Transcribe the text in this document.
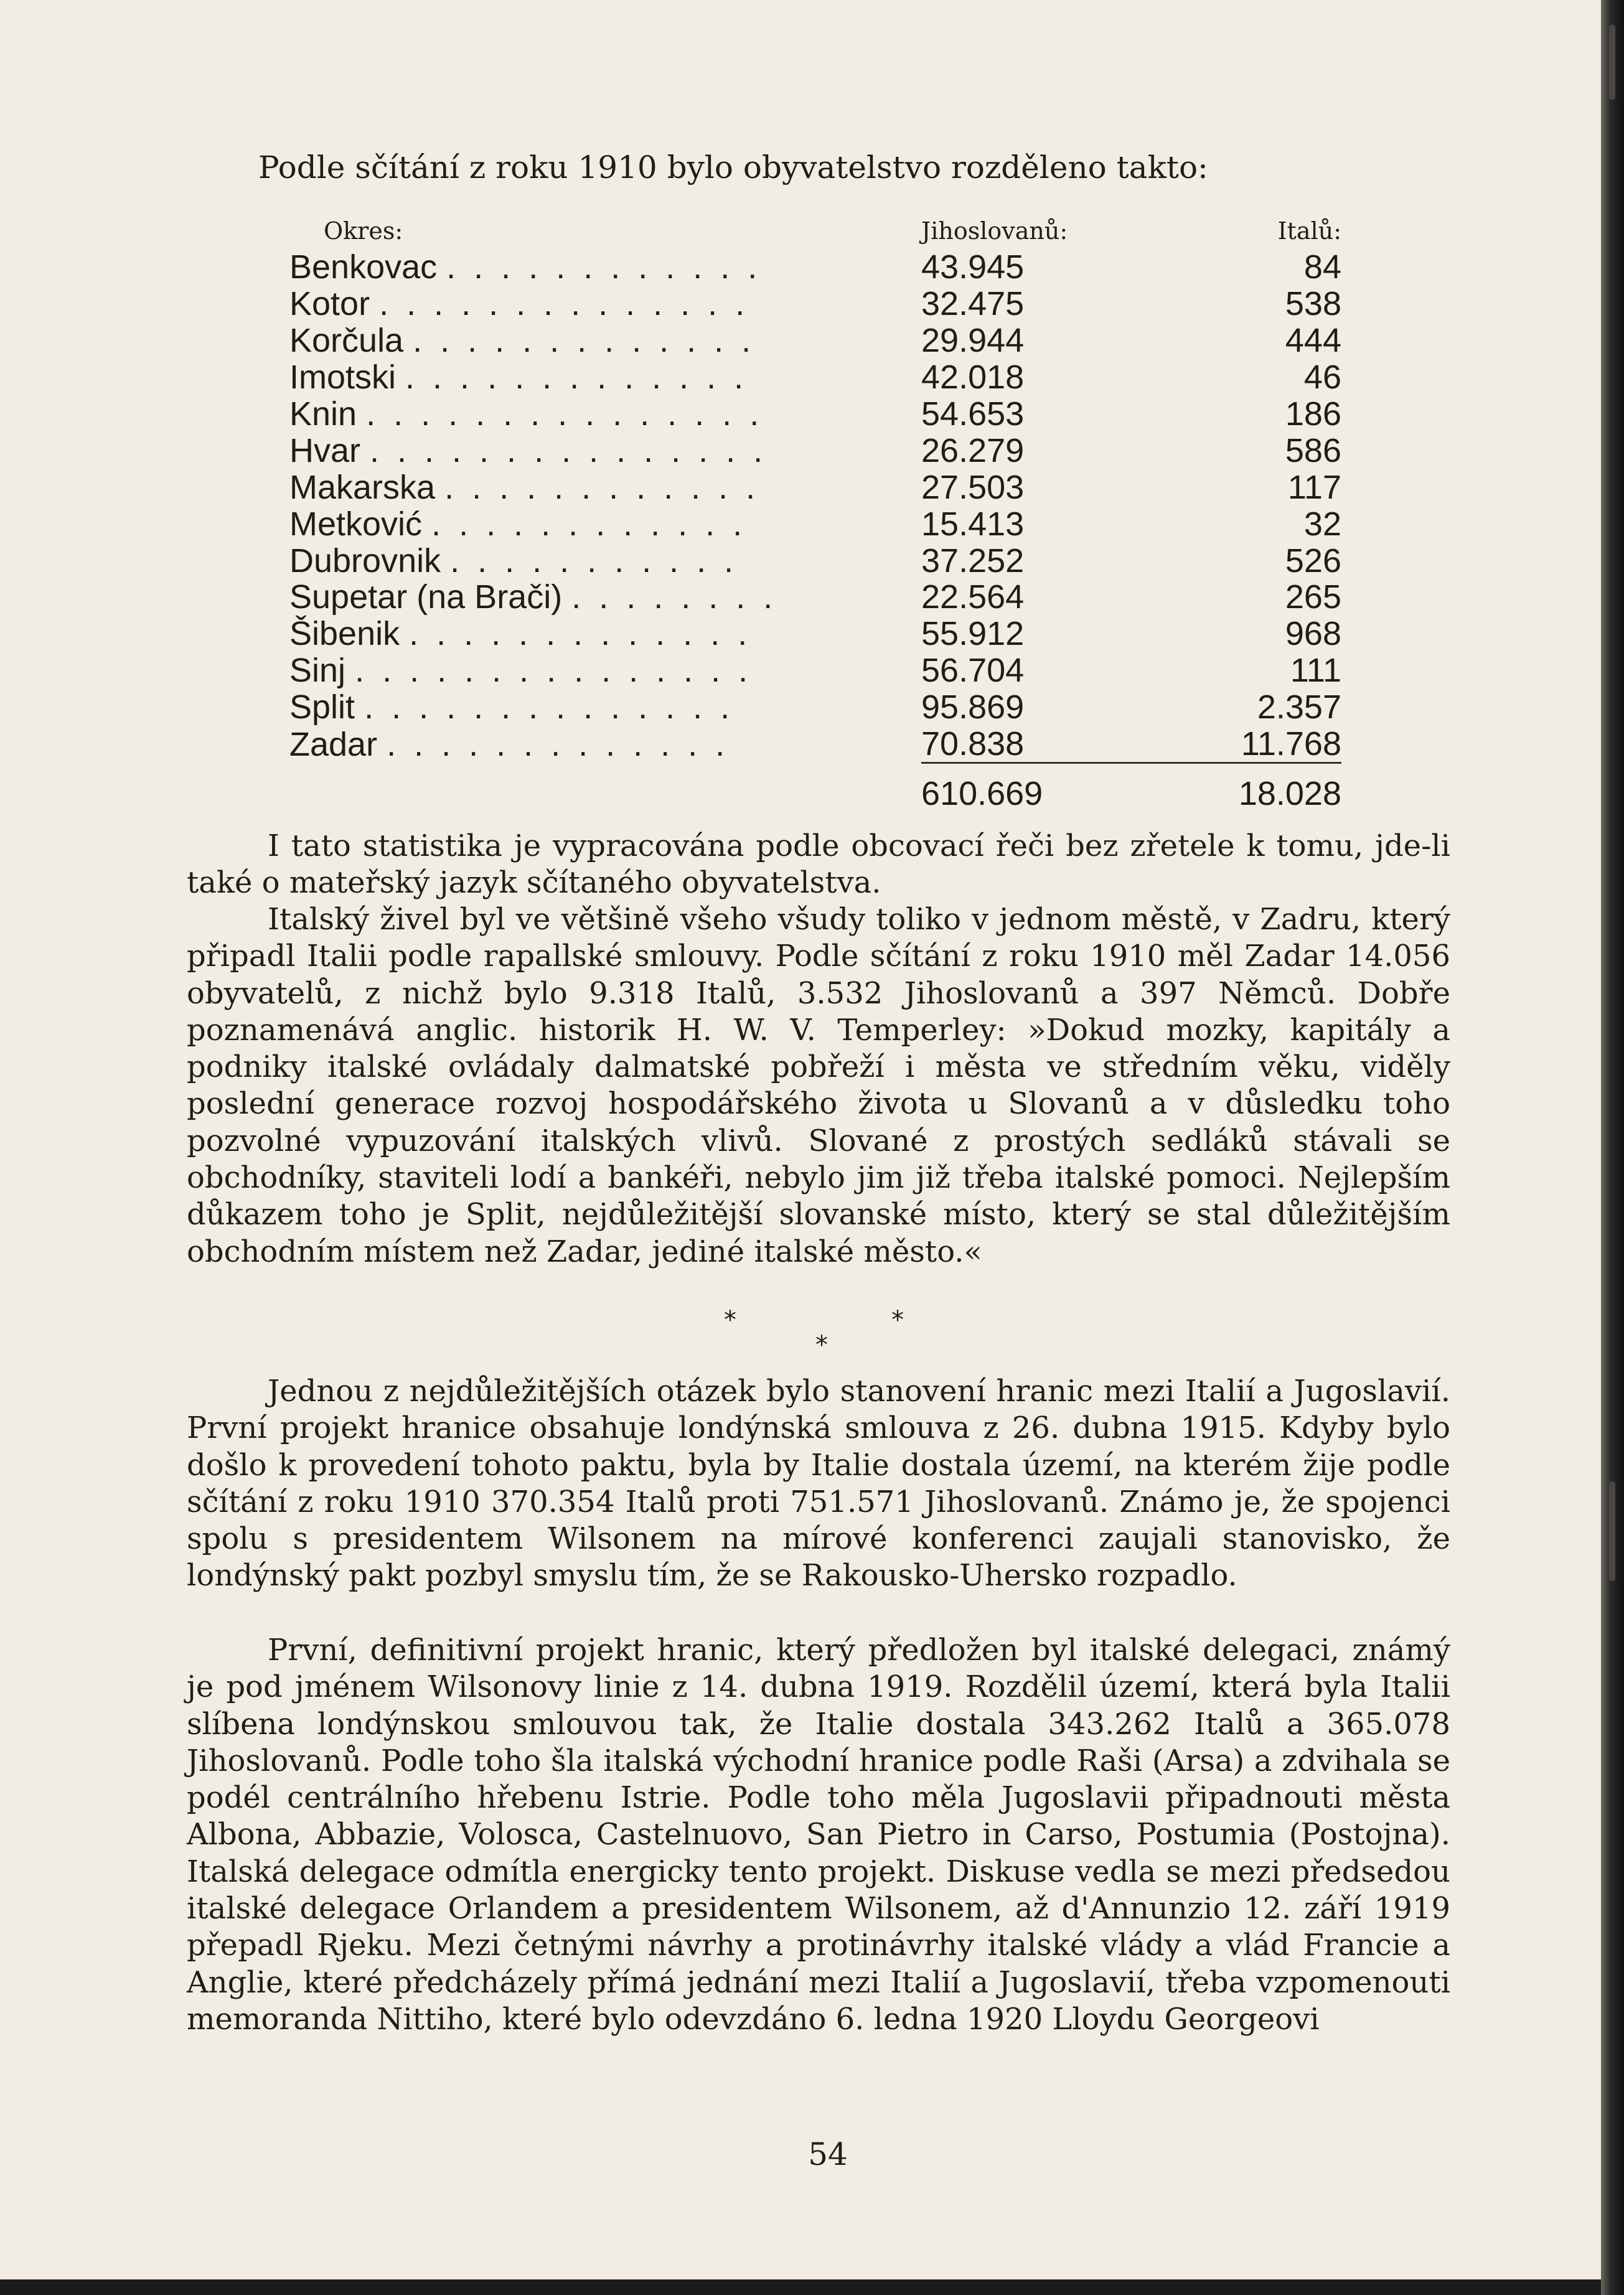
Podle sčítání z roku 1910 bylo obyvatelstvo rozděleno takto:

Okres:	Jihoslovanů:	Italů:
Benkovac . . . . . . . . . . . .	43.945	84
Kotor . . . . . . . . . . . . . .	32.475	538
Korčula . . . . . . . . . . . . .	29.944	444
Imotski . . . . . . . . . . . . .	42.018	46
Knin . . . . . . . . . . . . . . .	54.653	186
Hvar . . . . . . . . . . . . . . .	26.279	586
Makarska . . . . . . . . . . . .	27.503	117
Metković . . . . . . . . . . . .	15.413	32
Dubrovnik . . . . . . . . . . .	37.252	526
Supetar (na Brači) . . . . . . . .	22.564	265
Šibenik . . . . . . . . . . . . .	55.912	968
Sinj . . . . . . . . . . . . . . .	56.704	111
Split . . . . . . . . . . . . . .	95.869	2.357
Zadar . . . . . . . . . . . . .	70.838	11.768
	610.669	18.028

I tato statistika je vypracována podle obcovací řeči bez zřetele k tomu, jde-li také o mateřský jazyk sčítaného obyvatelstva.

Italský živel byl ve většině všeho všudy toliko v jednom městě, v Zadru, který připadl Italii podle rapallské smlouvy. Podle sčítání z roku 1910 měl Zadar 14.056 obyvatelů, z nichž bylo 9.318 Italů, 3.532 Jihoslovanů a 397 Němců. Dobře poznamenává anglic. historik H. W. V. Temperley: »Dokud mozky, kapitály a podniky italské ovládaly dalmatské pobřeží i města ve středním věku, viděly poslední generace rozvoj hospodářského života u Slovanů a v důsledku toho pozvolné vypuzování italských vlivů. Slované z prostých sedláků stávali se obchodníky, staviteli lodí a bankéři, nebylo jim již třeba italské pomoci. Nejlepším důkazem toho je Split, nejdůležitější slovanské místo, který se stal důležitějším obchodním místem než Zadar, jediné italské město.«

*
*
*

Jednou z nejdůležitějších otázek bylo stanovení hranic mezi Italií a Jugoslavií. První projekt hranice obsahuje londýnská smlouva z 26. dubna 1915. Kdyby bylo došlo k provedení tohoto paktu, byla by Italie dostala území, na kterém žije podle sčítání z roku 1910 370.354 Italů proti 751.571 Jihoslovanů. Známo je, že spojenci spolu s presidentem Wilsonem na mírové konferenci zaujali stanovisko, že londýnský pakt pozbyl smyslu tím, že se Rakousko-Uhersko rozpadlo.

První, definitivní projekt hranic, který předložen byl italské delegaci, známý je pod jménem Wilsonovy linie z 14. dubna 1919. Rozdělil území, která byla Italii slíbena londýnskou smlouvou tak, že Italie dostala 343.262 Italů a 365.078 Jihoslovanů. Podle toho šla italská východní hranice podle Raši (Arsa) a zdvihala se podél centrálního hřebenu Istrie. Podle toho měla Jugoslavii připadnouti města Albona, Abbazie, Volosca, Castelnuovo, San Pietro in Carso, Postumia (Postojna). Italská delegace odmítla energicky tento projekt. Diskuse vedla se mezi předsedou italské delegace Orlandem a presidentem Wilsonem, až d'Annunzio 12. září 1919 přepadl Rjeku. Mezi četnými návrhy a protinávrhy italské vlády a vlád Francie a Anglie, které předcházely přímá jednání mezi Italií a Jugoslavií, třeba vzpomenouti memoranda Nittiho, které bylo odevzdáno 6. ledna 1920 Lloydu Georgeovi

54
